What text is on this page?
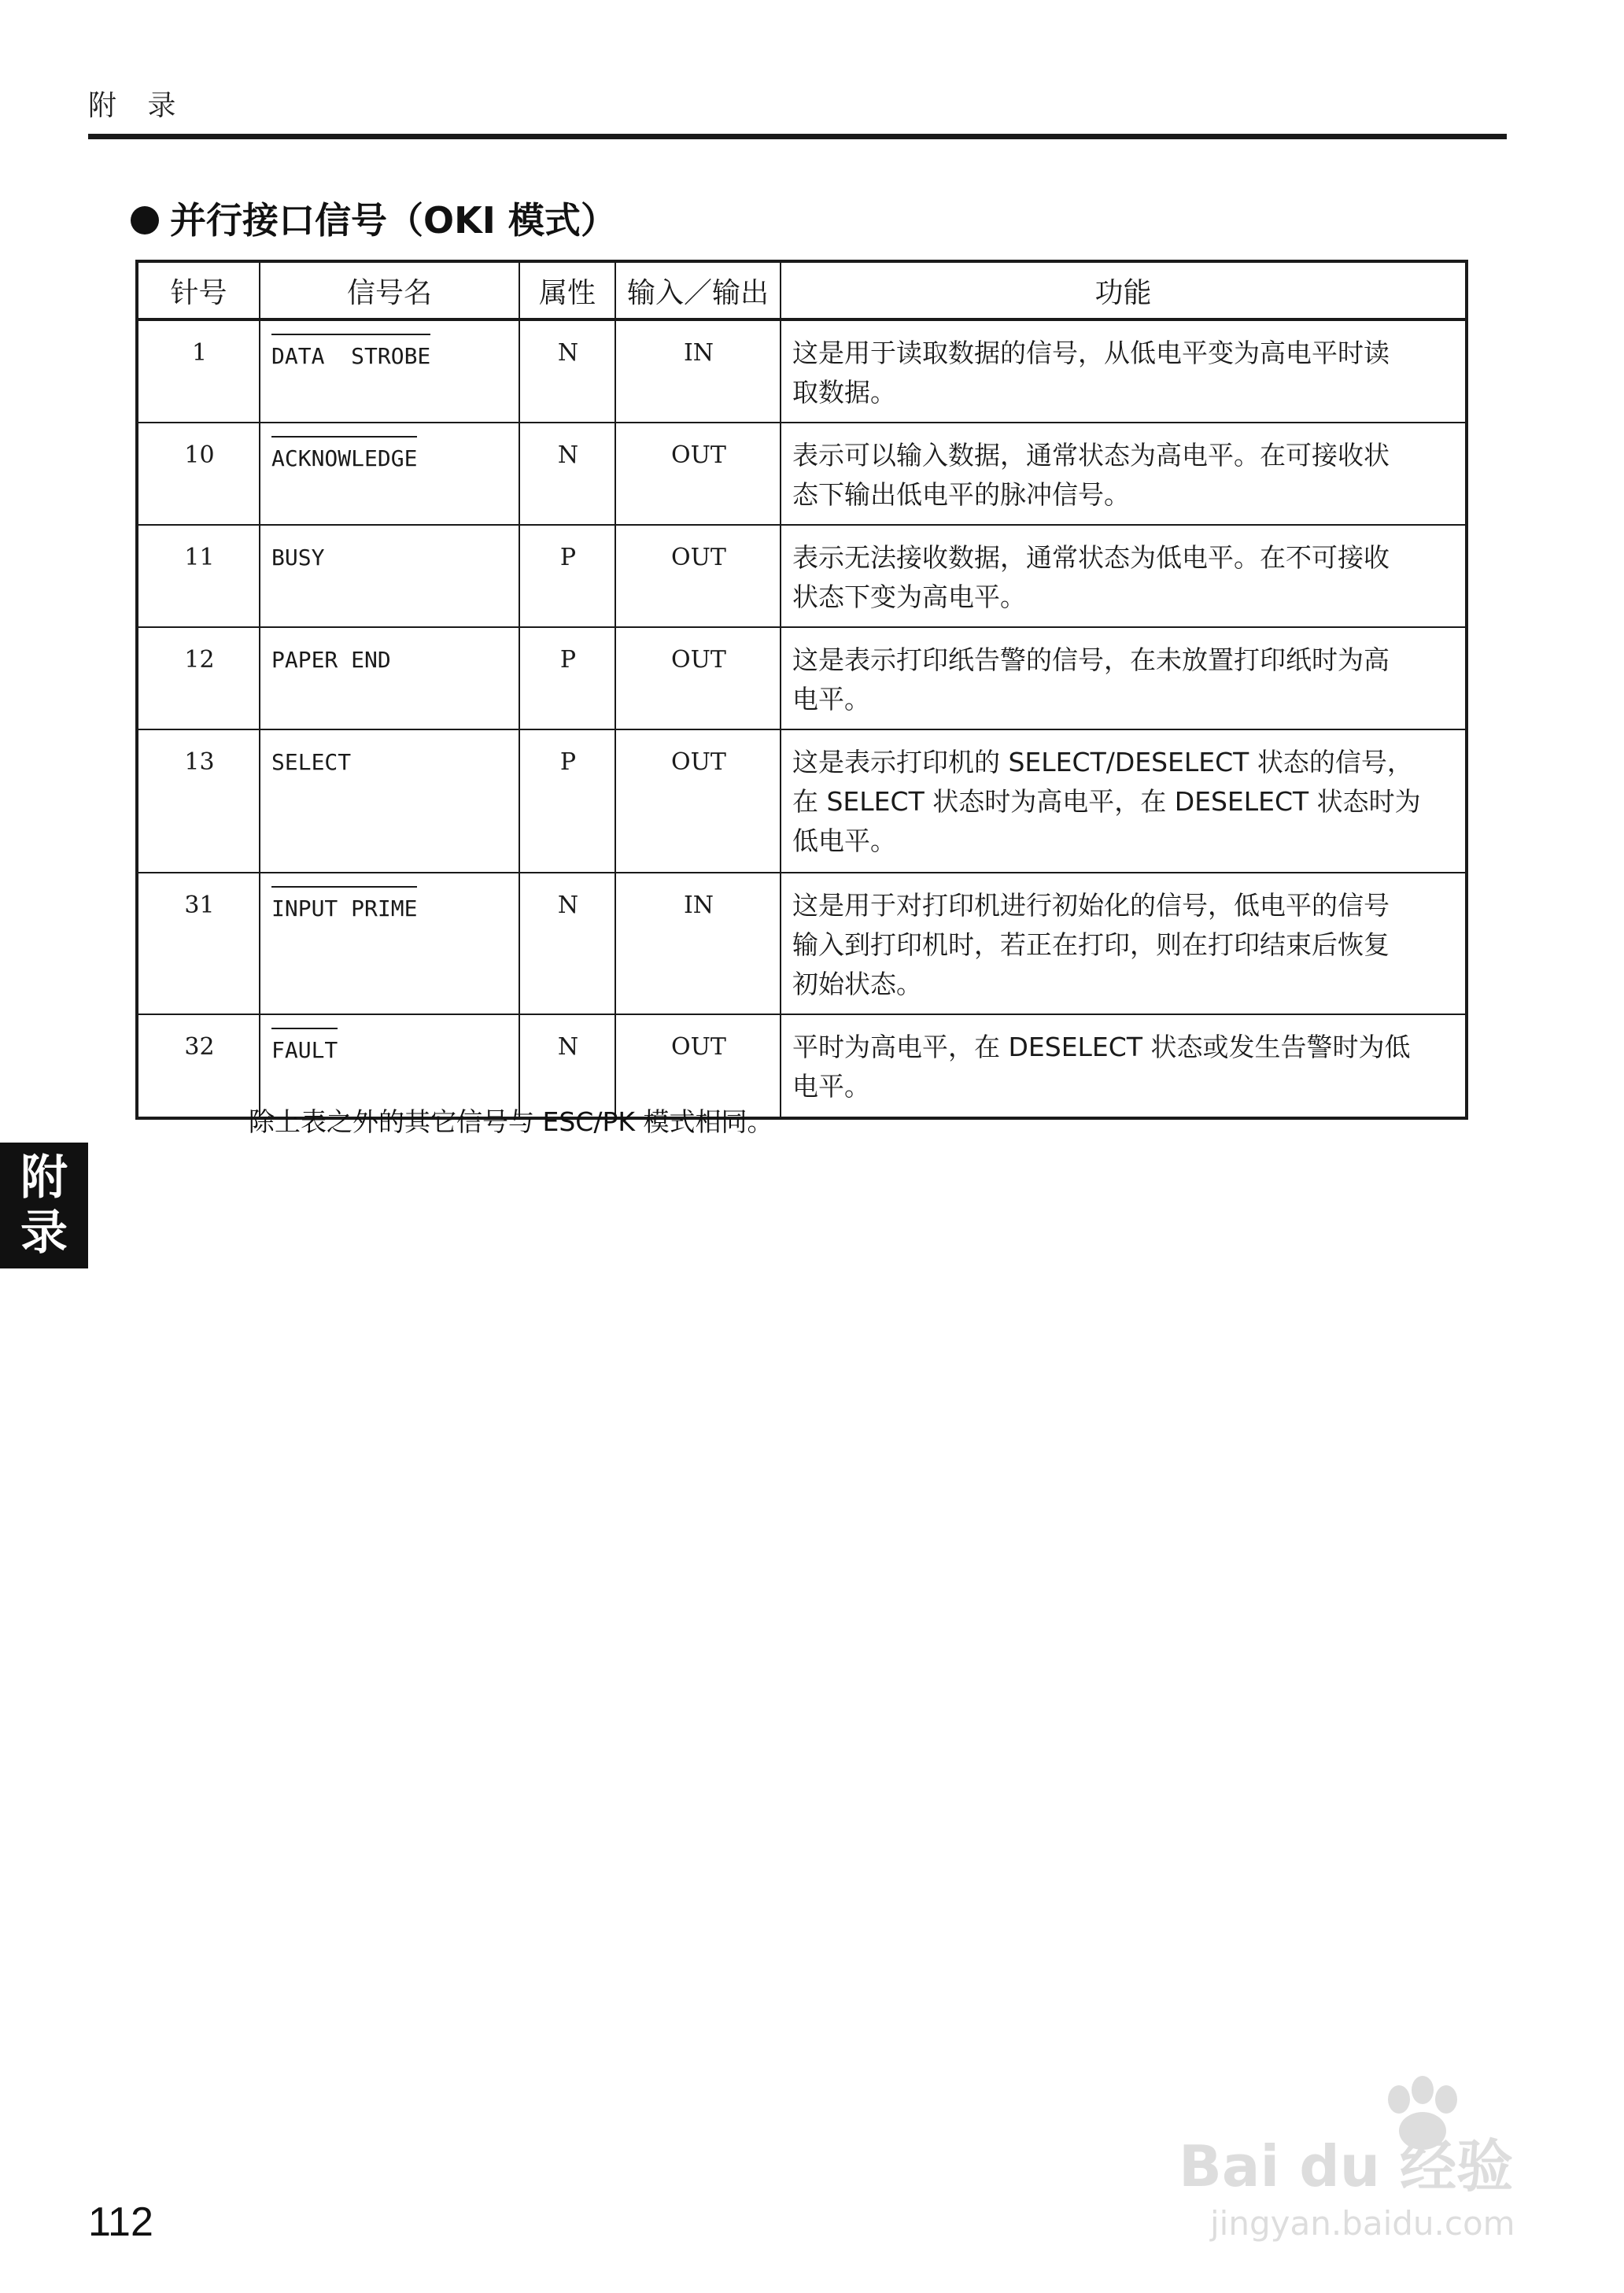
附 录
并行接口信号（OKI 模式）
针号	信号名	属性	输入／输出	功能
1	DATA  STROBE	N	IN	这是用于读取数据的信号，从低电平变为高电平时读
取数据。

10	ACKNOWLEDGE	N	OUT	表示可以输入数据，通常状态为高电平。在可接收状
态下输出低电平的脉冲信号。

11	BUSY	P	OUT	表示无法接收数据，通常状态为低电平。在不可接收
状态下变为高电平。

12	PAPER END	P	OUT	这是表示打印纸告警的信号，在未放置打印纸时为高
电平。

13	SELECT	P	OUT	这是表示打印机的 SELECT/DESELECT 状态的信号，
在 SELECT 状态时为高电平，在 DESELECT 状态时为
低电平。

31	INPUT PRIME	N	IN	这是用于对打印机进行初始化的信号，低电平的信号
输入到打印机时，若正在打印，则在打印结束后恢复
初始状态。

32	FAULT	N	OUT	平时为高电平，在 DESELECT 状态或发生告警时为低
电平。
除上表之外的其它信号与 ESC/PK 模式相同。
附
录
112
Bai du 经验
jingyan.baidu.com
